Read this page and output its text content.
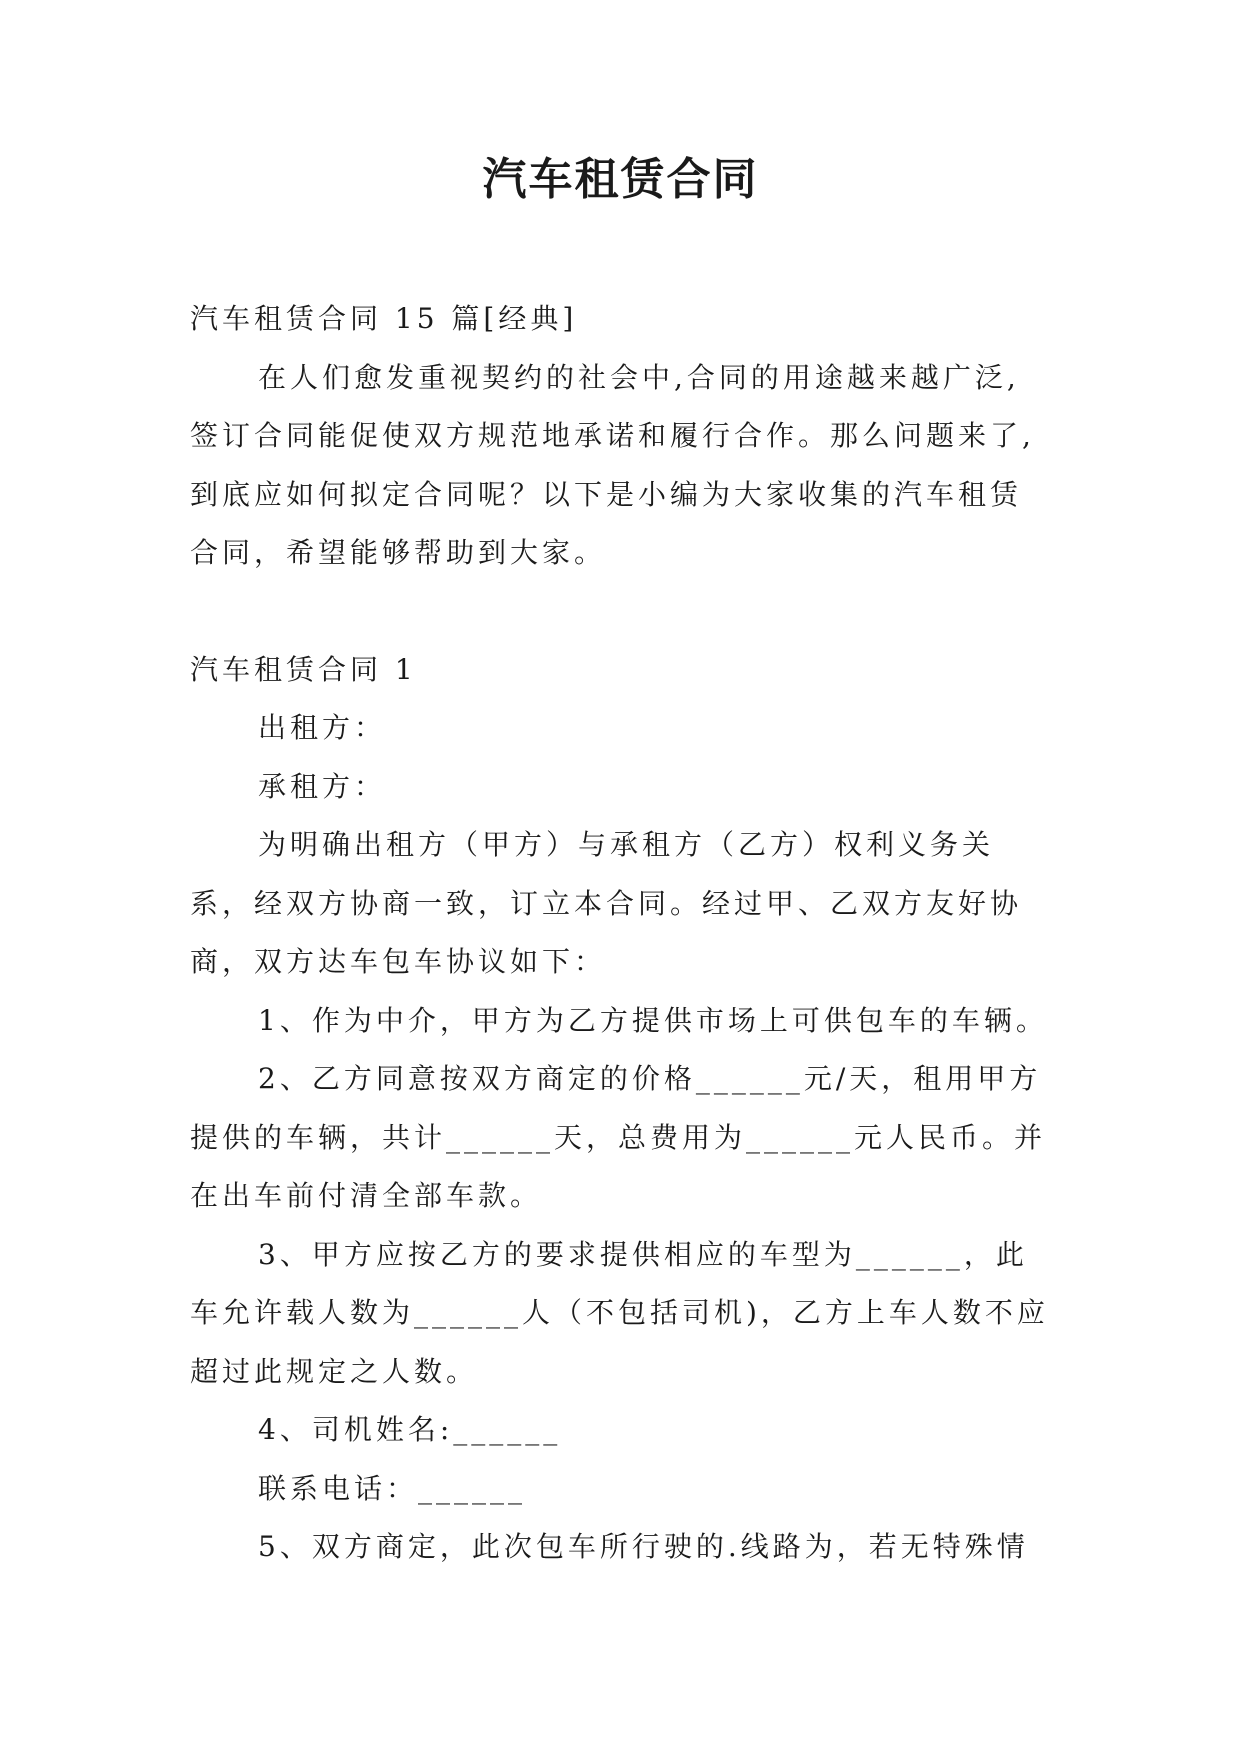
汽车租赁合同

汽车租赁合同 15 篇[经典]

在人们愈发重视契约的社会中,合同的用途越来越广泛,签订合同能促使双方规范地承诺和履行合作。那么问题来了,到底应如何拟定合同呢？以下是小编为大家收集的汽车租赁合同，希望能够帮助到大家。

汽车租赁合同 1

出租方：

承租方：

为明确出租方（甲方）与承租方（乙方）权利义务关系，经双方协商一致，订立本合同。经过甲、乙双方友好协商，双方达车包车协议如下：

1、作为中介，甲方为乙方提供市场上可供包车的车辆。

2、乙方同意按双方商定的价格______元/天，租用甲方提供的车辆，共计______天，总费用为______元人民币。并在出车前付清全部车款。

3、甲方应按乙方的要求提供相应的车型为______，此车允许载人数为______人（不包括司机)，乙方上车人数不应超过此规定之人数。

4、司机姓名:______

联系电话：______

5、双方商定，此次包车所行驶的.线路为，若无特殊情
